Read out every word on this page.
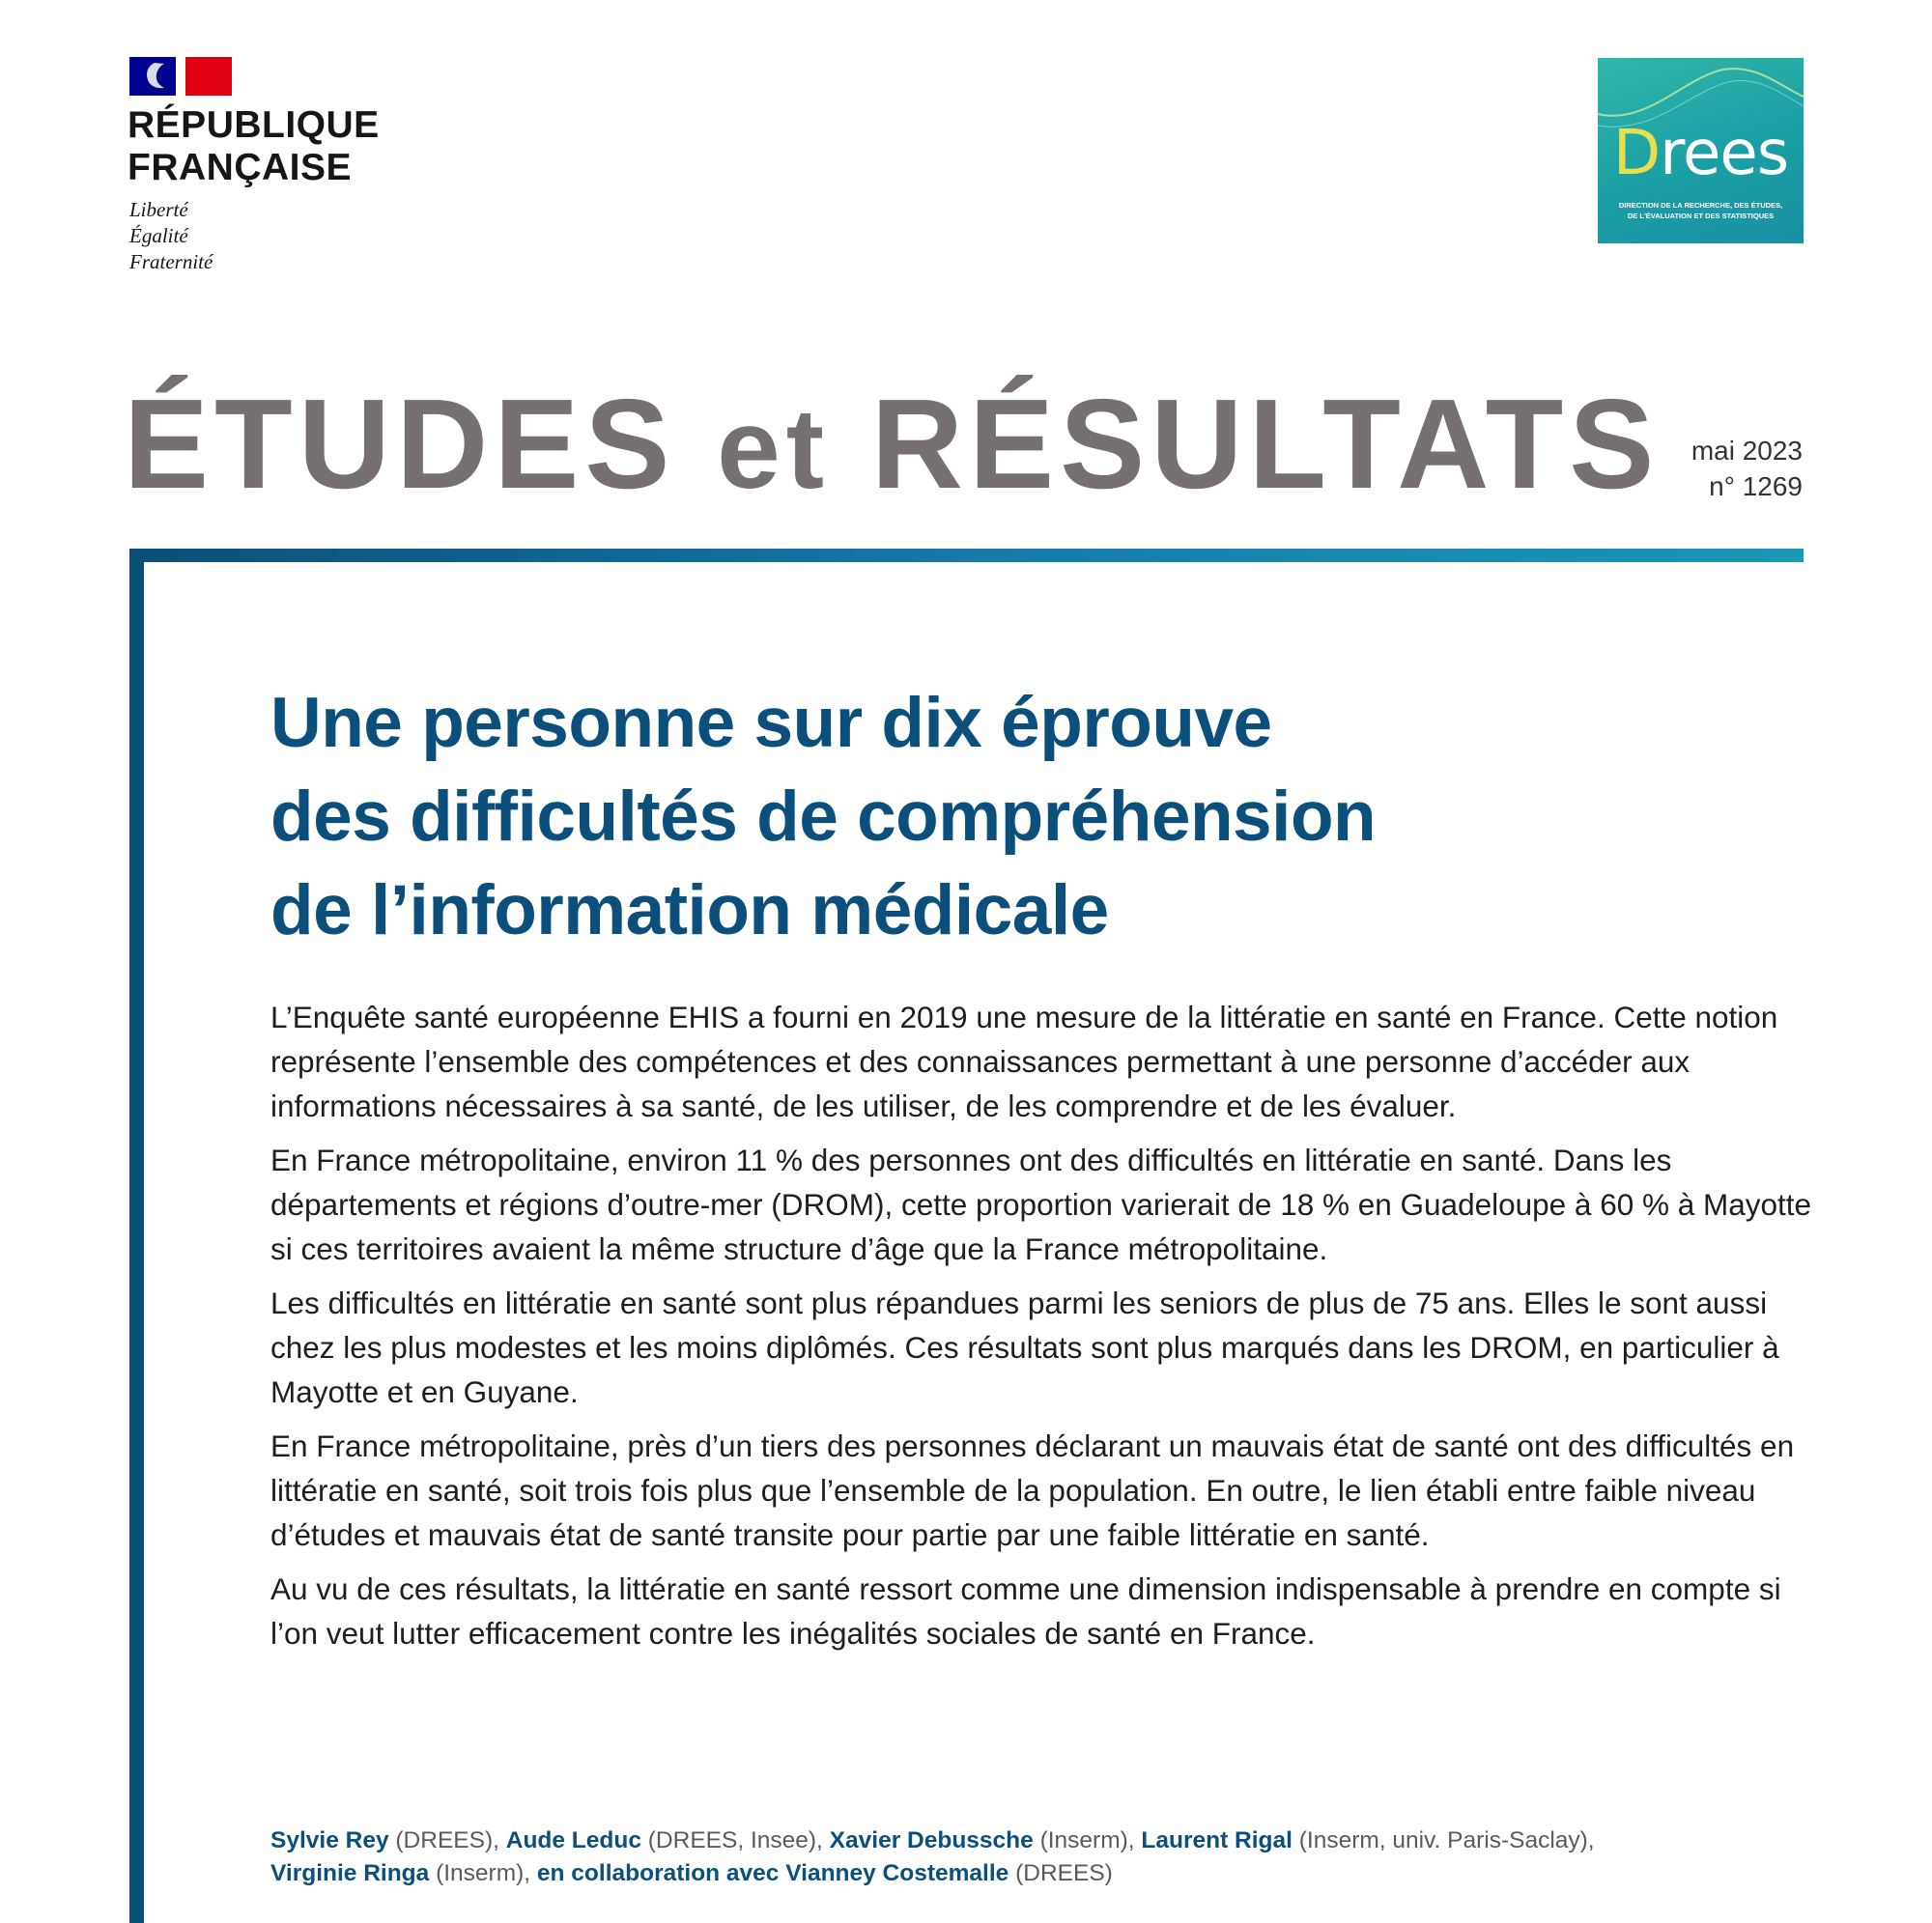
RÉPUBLIQUE
FRANÇAISE
Liberté
Égalité
Fraternité
Drees
DIRECTION DE LA RECHERCHE, DES ÉTUDES,
DE L'ÉVALUATION ET DES STATISTIQUES
ÉTUDES et RÉSULTATS mai 2023
n° 1269
Une personne sur dix éprouve
des difficultés de compréhension
de l’information médicale

L’Enquête santé européenne EHIS a fourni en 2019 une mesure de la littératie en santé en France. Cette notion représente l’ensemble des compétences et des connaissances permettant à une personne d’accéder aux informations nécessaires à sa santé, de les utiliser, de les comprendre et de les évaluer.

En France métropolitaine, environ 11 % des personnes ont des difficultés en littératie en santé. Dans les départements et régions d’outre-mer (DROM), cette proportion varierait de 18 % en Guadeloupe à 60 % à Mayotte si ces territoires avaient la même structure d’âge que la France métropolitaine.

Les difficultés en littératie en santé sont plus répandues parmi les seniors de plus de 75 ans. Elles le sont aussi chez les plus modestes et les moins diplômés. Ces résultats sont plus marqués dans les DROM, en particulier à Mayotte et en Guyane.

En France métropolitaine, près d’un tiers des personnes déclarant un mauvais état de santé ont des difficultés en littératie en santé, soit trois fois plus que l’ensemble de la population. En outre, le lien établi entre faible niveau d’études et mauvais état de santé transite pour partie par une faible littératie en santé.

Au vu de ces résultats, la littératie en santé ressort comme une dimension indispensable à prendre en compte si l’on veut lutter efficacement contre les inégalités sociales de santé en France.

Sylvie Rey (DREES), Aude Leduc (DREES, Insee), Xavier Debussche (Inserm), Laurent Rigal (Inserm, univ. Paris-Saclay),
Virginie Ringa (Inserm), en collaboration avec Vianney Costemalle (DREES)
